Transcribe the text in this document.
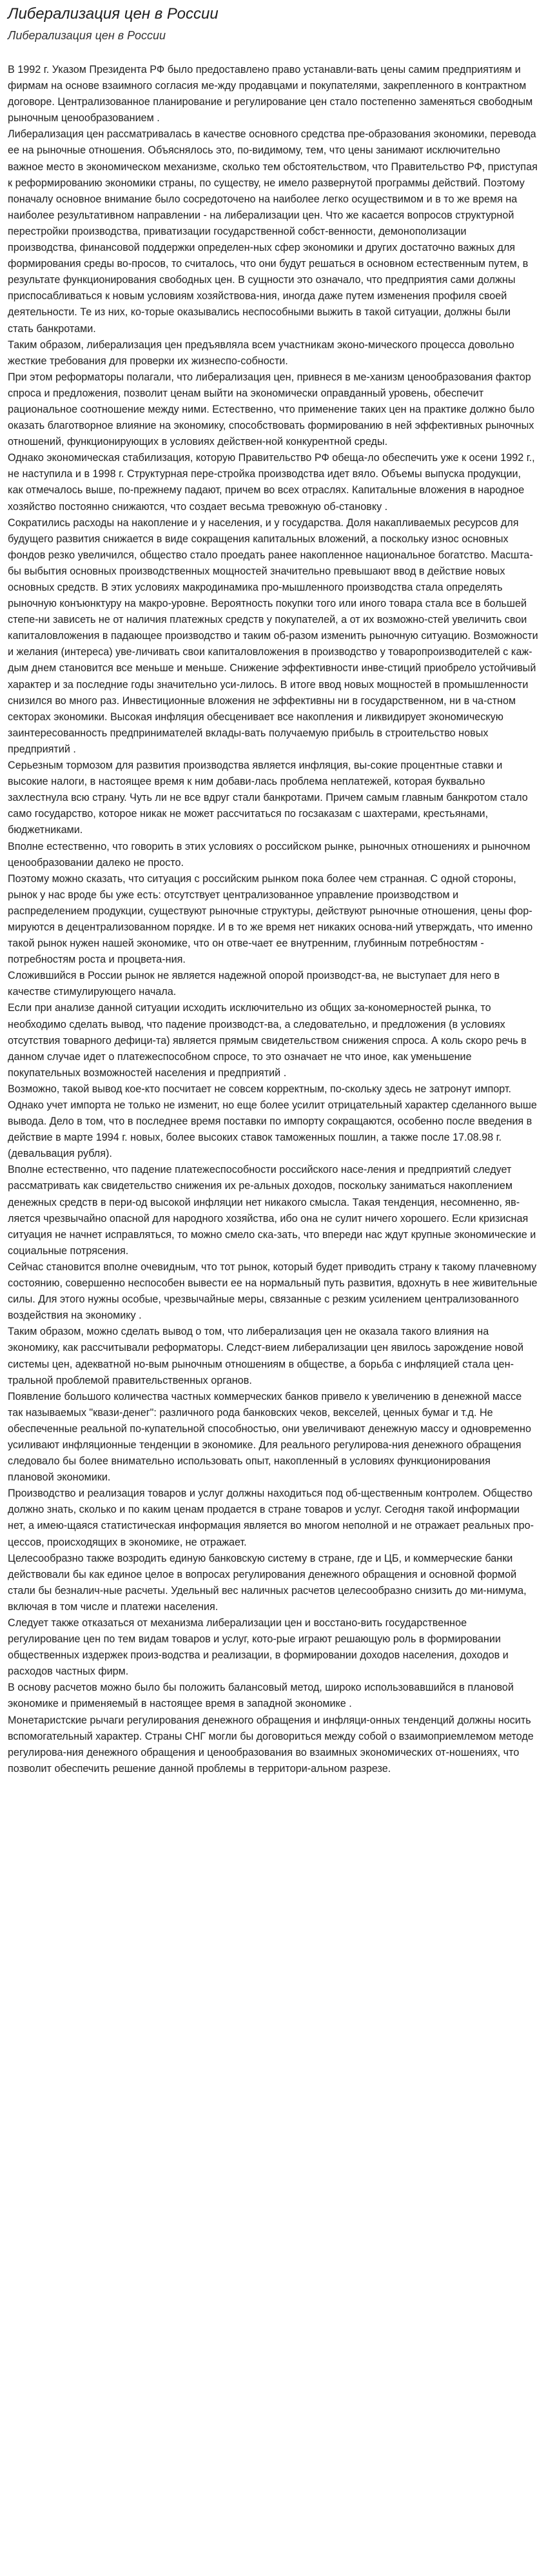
Либерализация цен в России
Либерализация цен в России

В 1992 г. Указом Президента РФ было предоставлено право устанавли-вать цены самим предприятиям и фирмам на основе взаимного согласия ме-жду продавцами и покупателями, закрепленного в контрактном договоре. Централизованное планирование и регулирование цен стало постепенно заменяться свободным рыночным ценообразованием .

Либерализация цен рассматривалась в качестве основного средства пре-образования экономики, перевода ее на рыночные отношения. Объяснялось это, по-видимому, тем, что цены занимают исключительно важное место в экономическом механизме, сколько тем обстоятельством, что Правительство РФ, приступая к реформированию экономики страны, по существу, не имело развернутой программы действий. Поэтому поначалу основное внимание было сосредоточено на наиболее легко осуществимом и в то же время на наиболее результативном направлении - на либерализации цен. Что же касается вопросов структурной перестройки производства, приватизации государственной собст-венности, демонополизации производства, финансовой поддержки определен-ных сфер экономики и других достаточно важных для формирования среды во-просов, то считалось, что они будут решаться в основном естественным путем, в результате функционирования свободных цен. В сущности это означало, что предприятия сами должны приспосабливаться к новым условиям хозяйствова-ния, иногда даже путем изменения профиля своей деятельности. Те из них, ко-торые оказывались неспособными выжить в такой ситуации, должны были стать банкротами.

Таким образом, либерализация цен предъявляла всем участникам эконо-мического процесса довольно жесткие требования для проверки их жизнеспо-собности.

При этом реформаторы полагали, что либерализация цен, привнеся в ме-ханизм ценообразования фактор спроса и предложения, позволит ценам выйти на экономически оправданный уровень, обеспечит рациональное соотношение между ними. Естественно, что применение таких цен на практике должно было оказать благотворное влияние на экономику, способствовать формированию в ней эффективных рыночных отношений, функционирующих в условиях действен-ной конкурентной среды.

Однако экономическая стабилизация, которую Правительство РФ обеща-ло обеспечить уже к осени 1992 г., не наступила и в 1998 г. Структурная пере-стройка производства идет вяло. Объемы выпуска продукции, как отмечалось выше, по-прежнему падают, причем во всех отраслях. Капитальные вложения в народное хозяйство постоянно снижаются, что создает весьма тревожную об-становку .

Сократились расходы на накопление и у населения, и у государства. Доля накапливаемых ресурсов для будущего развития снижается в виде сокращения капитальных вложений, а поскольку износ основных фондов резко увеличился, общество стало проедать ранее накопленное национальное богатство. Масшта-бы выбытия основных производственных мощностей значительно превышают ввод в действие новых основных средств. В этих условиях макродинамика про-мышленного производства стала определять рыночную конъюнктуру на макро-уровне. Вероятность покупки того или иного товара стала все в большей степе-ни зависеть не от наличия платежных средств у покупателей, а от их возможно-стей увеличить свои капиталовложения в падающее производство и таким об-разом изменить рыночную ситуацию. Возможности и желания (интереса) уве-личивать свои капиталовложения в производство у товаропроизводителей с каж-дым днем становится все меньше и меньше. Снижение эффективности инве-стиций приобрело устойчивый характер и за последние годы значительно уси-лилось. В итоге ввод новых мощностей в промышленности снизился во много раз. Инвестиционные вложения не эффективны ни в государственном, ни в ча-стном секторах экономики. Высокая инфляция обесценивает все накопления и ликвидирует экономическую заинтересованность предпринимателей вклады-вать получаемую прибыль в строительство новых предприятий .

Серьезным тормозом для развития производства является инфляция, вы-сокие процентные ставки и высокие налоги, в настоящее время к ним добави-лась проблема неплатежей, которая буквально захлестнула всю страну. Чуть ли не все вдруг стали банкротами. Причем самым главным банкротом стало само государство, которое никак не может рассчитаться по госзаказам с шахтерами, крестьянами, бюджетниками.

Вполне естественно, что говорить в этих условиях о российском рынке, рыночных отношениях и рыночном ценообразовании далеко не просто.

Поэтому можно сказать, что ситуация с российским рынком пока более чем странная. С одной стороны, рынок у нас вроде бы уже есть: отсутствует централизованное управление производством и распределением продукции, существуют рыночные структуры, действуют рыночные отношения, цены фор-мируются в децентрализованном порядке. И в то же время нет никаких основа-ний утверждать, что именно такой рынок нужен нашей экономике, что он отве-чает ее внутренним, глубинным потребностям - потребностям роста и процвета-ния.

Сложившийся в России рынок не является надежной опорой производст-ва, не выступает для него в качестве стимулирующего начала.

Если при анализе данной ситуации исходить исключительно из общих за-кономерностей рынка, то необходимо сделать вывод, что падение производст-ва, а следовательно, и предложения (в условиях отсутствия товарного дефици-та) является прямым свидетельством снижения спроса. А коль скоро речь в данном случае идет о платежеспособном спросе, то это означает не что иное, как уменьшение покупательных возможностей населения и предприятий .

Возможно, такой вывод кое-кто посчитает не совсем корректным, по-скольку здесь не затронут импорт. Однако учет импорта не только не изменит, но еще более усилит отрицательный характер сделанного выше вывода. Дело в том, что в последнее время поставки по импорту сокращаются, особенно после введения в действие в марте 1994 г. новых, более высоких ставок таможенных пошлин, а также после 17.08.98 г. (девальвация рубля).

Вполне естественно, что падение платежеспособности российского насе-ления и предприятий следует рассматривать как свидетельство снижения их ре-альных доходов, поскольку заниматься накоплением денежных средств в пери-од высокой инфляции нет никакого смысла. Такая тенденция, несомненно, яв-ляется чрезвычайно опасной для народного хозяйства, ибо она не сулит ничего хорошего. Если кризисная ситуация не начнет исправляться, то можно смело ска-зать, что впереди нас ждут крупные экономические и социальные потрясения.

Сейчас становится вполне очевидным, что тот рынок, который будет приводить страну к такому плачевному состоянию, совершенно неспособен вывести ее на нормальный путь развития, вдохнуть в нее живительные силы. Для этого нужны особые, чрезвычайные меры, связанные с резким усилением централизованного воздействия на экономику .

Таким образом, можно сделать вывод о том, что либерализация цен не оказала такого влияния на экономику, как рассчитывали реформаторы. Следст-вием либерализации цен явилось зарождение новой системы цен, адекватной но-вым рыночным отношениям в обществе, а борьба с инфляцией стала цен-тральной проблемой правительственных органов.

Появление большого количества частных коммерческих банков привело к увеличению в денежной массе так называемых "квази-денег": различного рода банковских чеков, векселей, ценных бумаг и т.д. Не обеспеченные реальной по-купательной способностью, они увеличивают денежную массу и одновременно усиливают инфляционные тенденции в экономике. Для реального регулирова-ния денежного обращения следовало бы более внимательно использовать опыт, накопленный в условиях функционирования плановой экономики.

Производство и реализация товаров и услуг должны находиться под об-щественным контролем. Общество должно знать, сколько и по каким ценам продается в стране товаров и услуг. Сегодня такой информации нет, а имею-щаяся статистическая информация является во многом неполной и не отражает реальных про-цессов, происходящих в экономике, не отражает.

Целесообразно также возродить единую банковскую систему в стране, где и ЦБ, и коммерческие банки действовали бы как единое целое в вопросах регулирования денежного обращения и основной формой стали бы безналич-ные расчеты. Удельный вес наличных расчетов целесообразно снизить до ми-нимума, включая в том числе и платежи населения.

Следует также отказаться от механизма либерализации цен и восстано-вить государственное регулирование цен по тем видам товаров и услуг, кото-рые играют решающую роль в формировании общественных издержек произ-водства и реализации, в формировании доходов населения, доходов и расходов частных фирм.

В основу расчетов можно было бы положить балансовый метод, широко использовавшийся в плановой экономике и применяемый в настоящее время в западной экономике .

Монетаристские рычаги регулирования денежного обращения и инфляци-онных тенденций должны носить вспомогательный характер. Страны СНГ могли бы договориться между собой о взаимоприемлемом методе регулирова-ния денежного обращения и ценообразования во взаимных экономических от-ношениях, что позволит обеспечить решение данной проблемы в территори-альном разрезе.
